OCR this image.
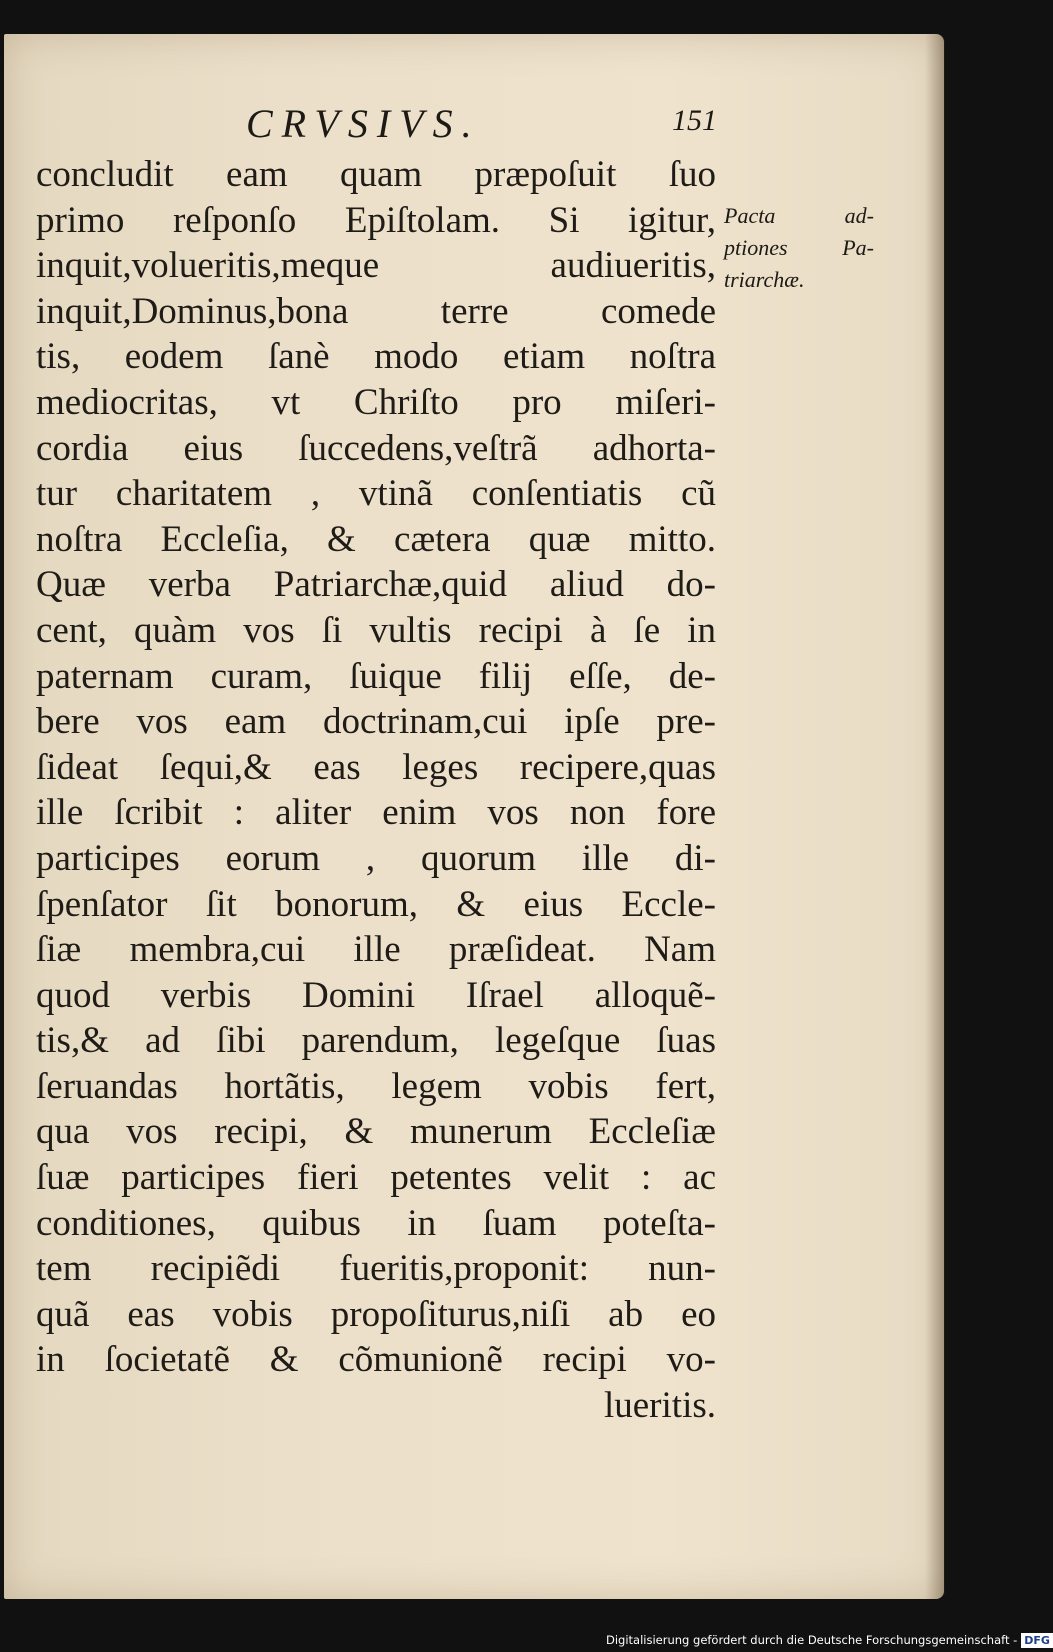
CRVSIVS.	151
concludit eam quam præpoſuit ſuo
primo reſponſo Epiſtolam. Si igitur,
inquit,volueritis,meque audiueritis,
inquit,Dominus,bona terre comede
tis, eodem ſanè modo etiam noſtra
mediocritas, vt Chriſto pro miſeri-
cordia eius ſuccedens,veſtrã adhorta-
tur charitatem , vtinã conſentiatis cũ
noſtra Eccleſia, & cætera quæ mitto.
Quæ verba Patriarchæ,quid aliud do-
cent, quàm vos ſi vultis recipi à ſe in
paternam curam, ſuique filij eſſe, de-
bere vos eam doctrinam,cui ipſe pre-
ſideat ſequi,& eas leges recipere,quas
ille ſcribit : aliter enim vos non fore
participes eorum , quorum ille di-
ſpenſator ſit bonorum, & eius Eccle-
ſiæ membra,cui ille præſideat. Nam
quod verbis Domini Iſrael alloquẽ-
tis,& ad ſibi parendum, legeſque ſuas
ſeruandas hortãtis, legem vobis fert,
qua vos recipi, & munerum Eccleſiæ
ſuæ participes fieri petentes velit : ac
conditiones, quibus in ſuam poteſta-
tem recipiẽdi fueritis,proponit: nun-
quã eas vobis propoſiturus,niſi ab eo
in ſocietatẽ & cõmunionẽ recipi vo-
lueritis.
Pacta ad-
ptiones Pa-
triarchæ.
Digitalisierung gefördert durch die Deutsche Forschungsgemeinschaft - DFG
